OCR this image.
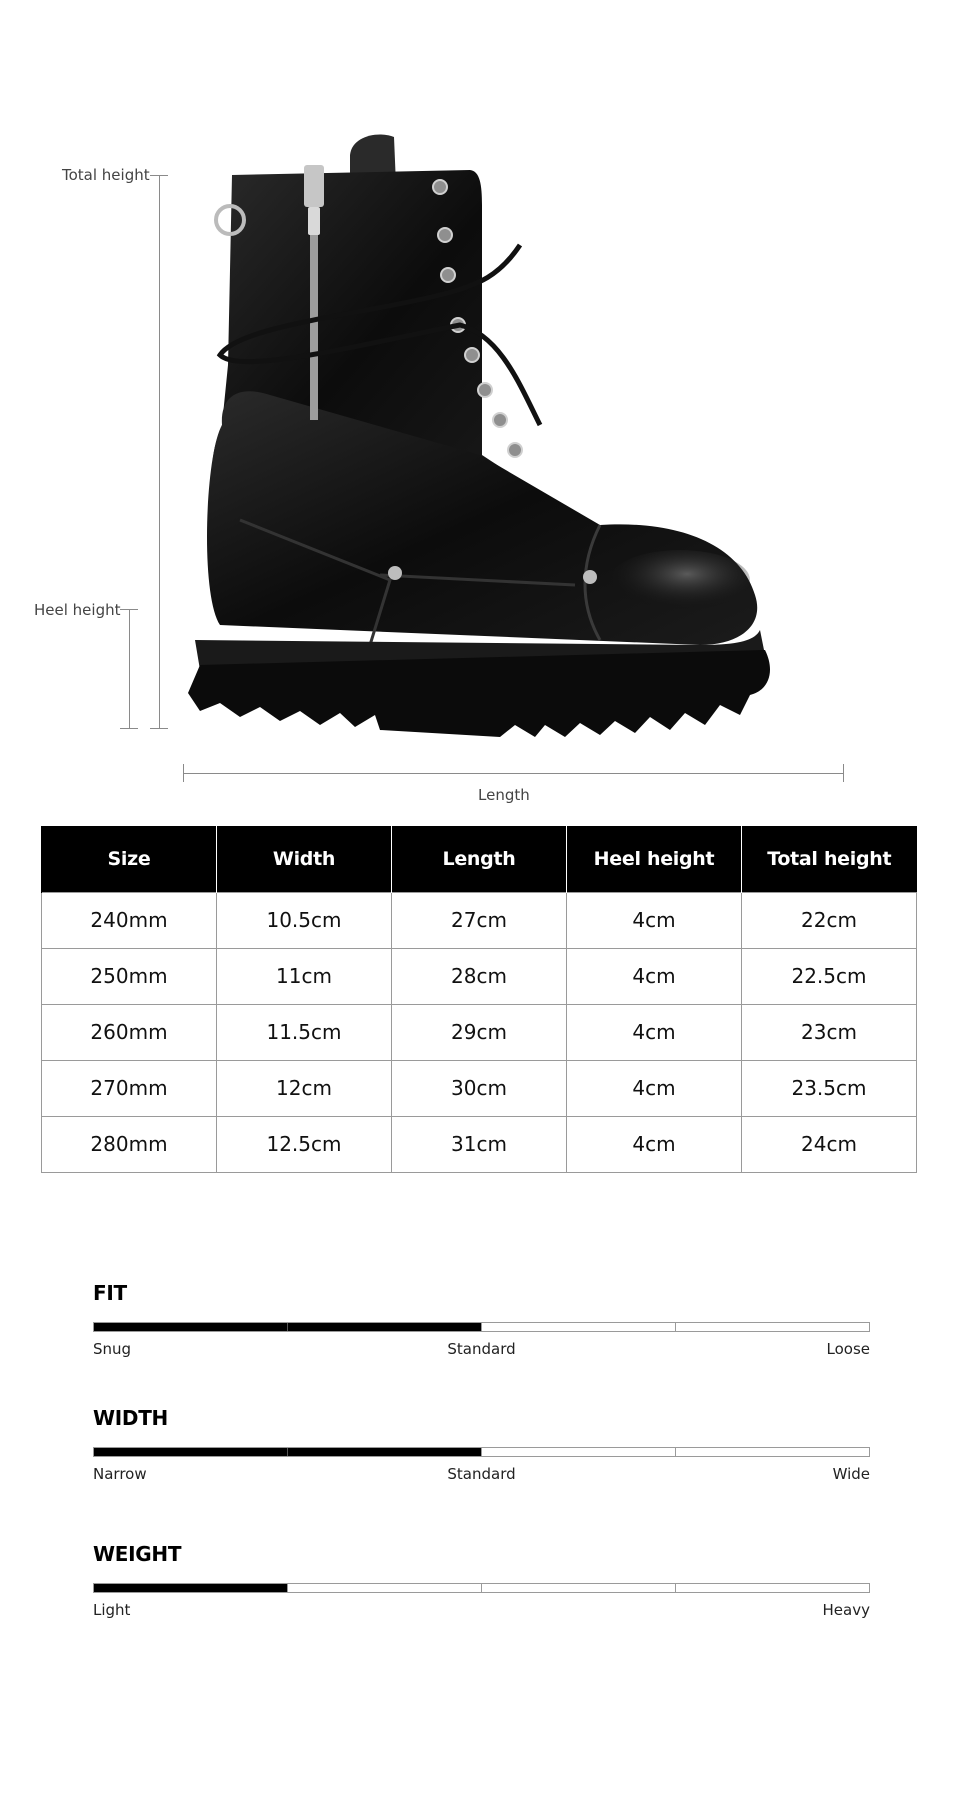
Total height
Heel height
Length
Size	Width	Length	Heel height	Total height
240mm	10.5cm	27cm	4cm	22cm
250mm	11cm	28cm	4cm	22.5cm
260mm	11.5cm	29cm	4cm	23cm
270mm	12cm	30cm	4cm	23.5cm
280mm	12.5cm	31cm	4cm	24cm
FIT
Snug	Standard	Loose
WIDTH
Narrow	Standard	Wide
WEIGHT
Light	Heavy
